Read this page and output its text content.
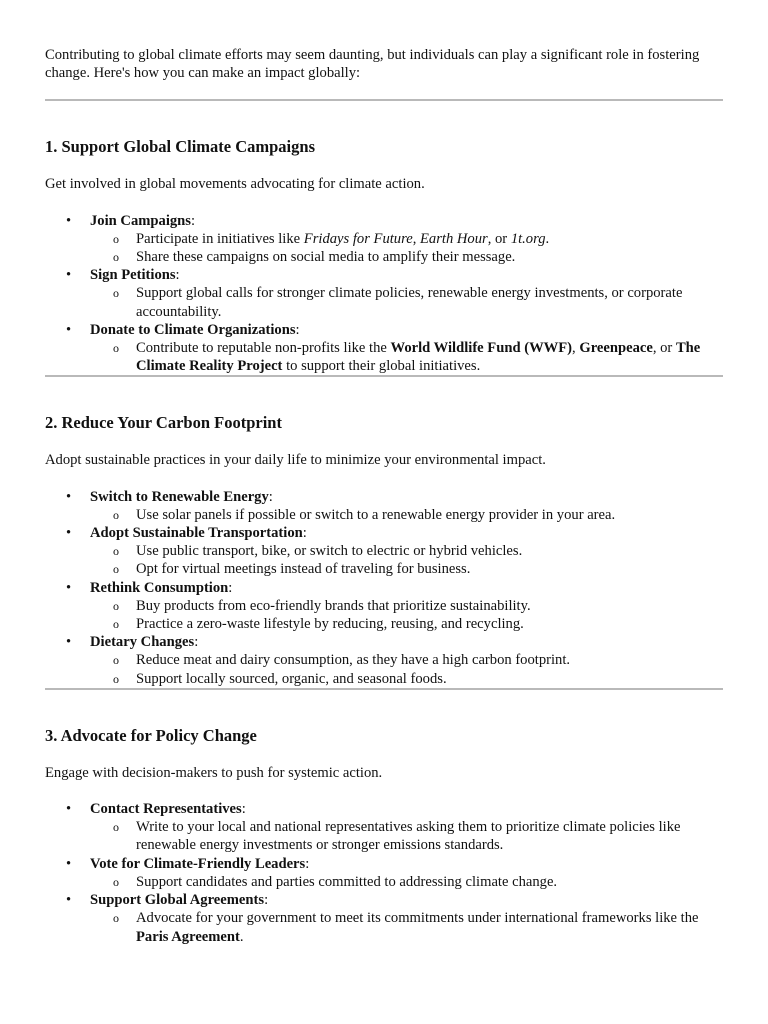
Contributing to global climate efforts may seem daunting, but individuals can play a significant role in fostering change. Here's how you can make an impact globally:

1. Support Global Climate Campaigns

Get involved in global movements advocating for climate action.

• Join Campaigns:
o Participate in initiatives like Fridays for Future, Earth Hour, or 1t.org.
o Share these campaigns on social media to amplify their message.
• Sign Petitions:
o Support global calls for stronger climate policies, renewable energy investments, or corporate accountability.
• Donate to Climate Organizations:
o Contribute to reputable non-profits like the World Wildlife Fund (WWF), Greenpeace, or The Climate Reality Project to support their global initiatives.
2. Reduce Your Carbon Footprint

Adopt sustainable practices in your daily life to minimize your environmental impact.

• Switch to Renewable Energy:
o Use solar panels if possible or switch to a renewable energy provider in your area.
• Adopt Sustainable Transportation:
o Use public transport, bike, or switch to electric or hybrid vehicles.
o Opt for virtual meetings instead of traveling for business.
• Rethink Consumption:
o Buy products from eco-friendly brands that prioritize sustainability.
o Practice a zero-waste lifestyle by reducing, reusing, and recycling.
• Dietary Changes:
o Reduce meat and dairy consumption, as they have a high carbon footprint.
o Support locally sourced, organic, and seasonal foods.
3. Advocate for Policy Change

Engage with decision-makers to push for systemic action.

• Contact Representatives:
o Write to your local and national representatives asking them to prioritize climate policies like renewable energy investments or stronger emissions standards.
• Vote for Climate-Friendly Leaders:
o Support candidates and parties committed to addressing climate change.
• Support Global Agreements:
o Advocate for your government to meet its commitments under international frameworks like the Paris Agreement.
